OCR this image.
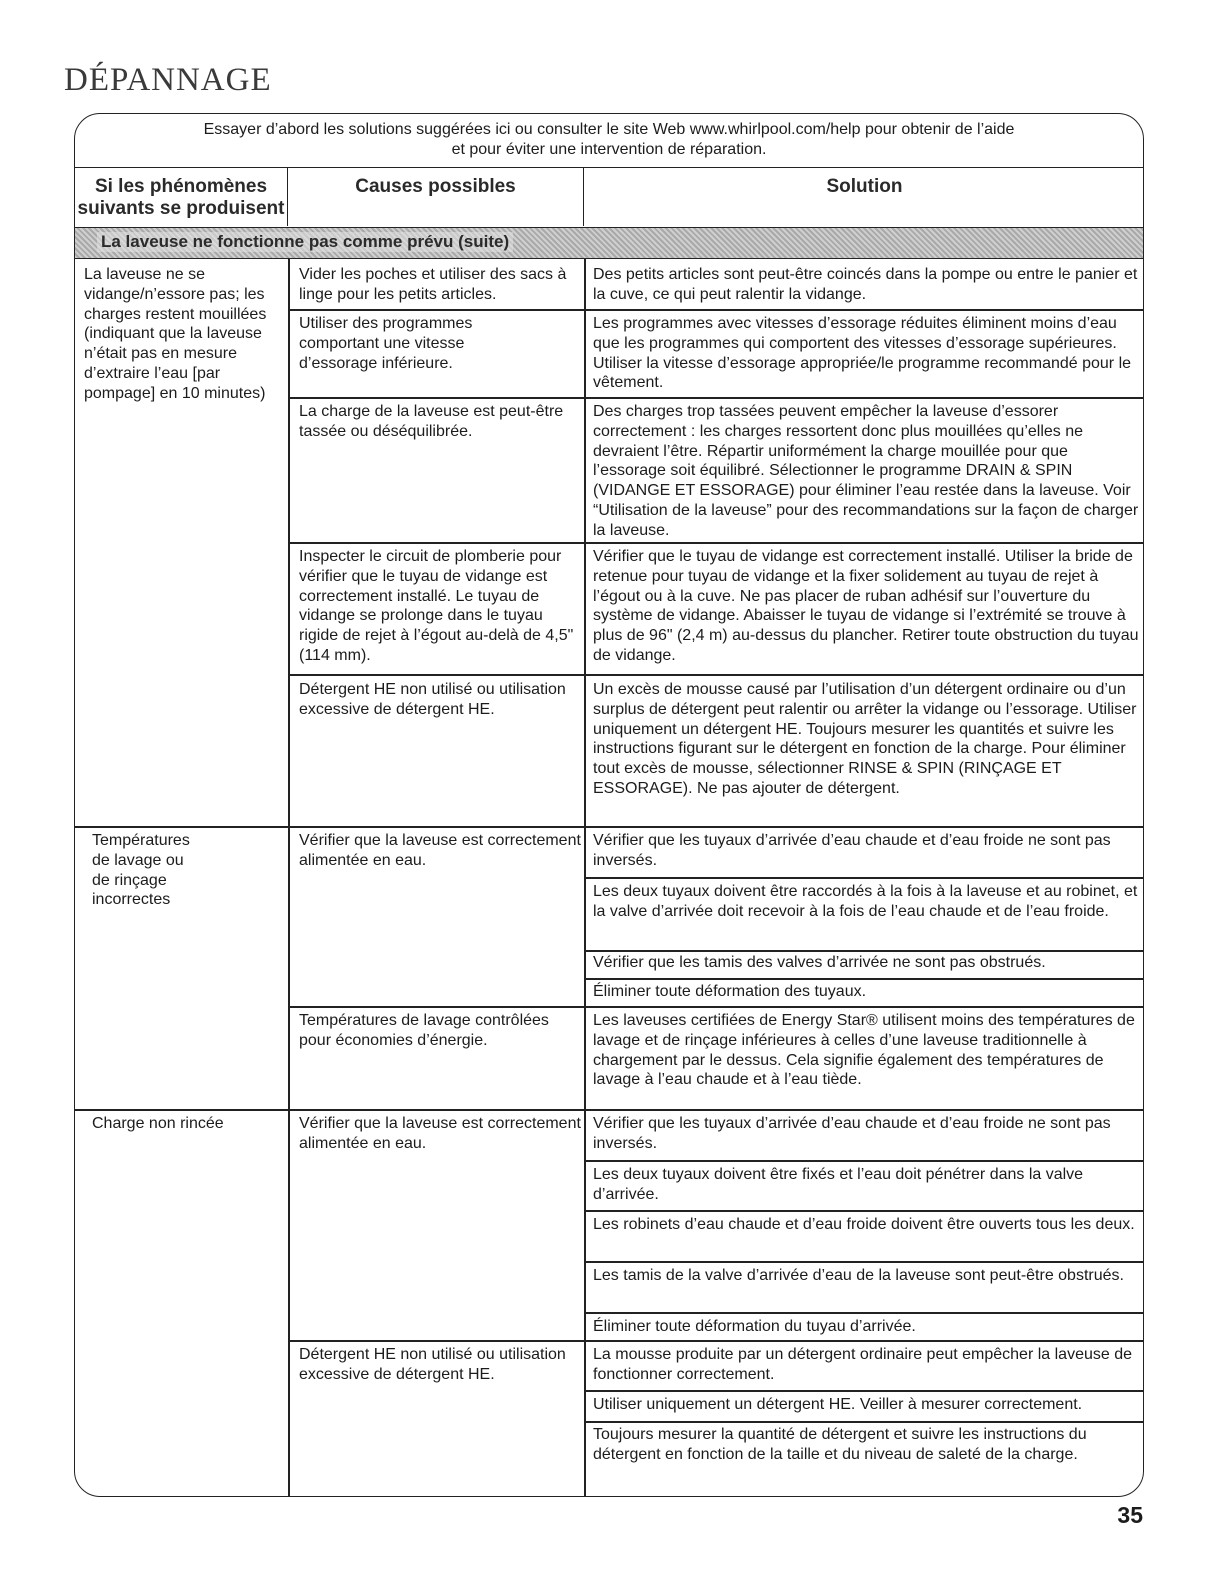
DÉPANNAGE
Essayer d’abord les solutions suggérées ici ou consulter le site Web www.whirlpool.com/help pour obtenir de l’aide
et pour éviter une intervention de réparation.
Si les phénomènes
suivants se produisent
Causes possibles	Solution
La laveuse ne fonctionne pas comme prévu (suite)

La laveuse ne se vidange/n’essore pas; les charges restent mouillées (indiquant que la laveuse n’était pas en mesure d’extraire l’eau [par pompage] en 10 minutes)

Températures de lavage ou de rinçage incorrectes

Charge non rincée

Vider les poches et utiliser des sacs à linge pour les petits articles.

Utiliser des programmes comportant une vitesse d’essorage inférieure.

La charge de la laveuse est peut-être tassée ou déséquilibrée.

Inspecter le circuit de plomberie pour vérifier que le tuyau de vidange est correctement installé. Le tuyau de vidange se prolonge dans le tuyau rigide de rejet à l’égout au-delà de 4,5" (114 mm).

Détergent HE non utilisé ou utilisation excessive de détergent HE.

Vérifier que la laveuse est correctement alimentée en eau.

Températures de lavage contrôlées pour économies d’énergie.

Vérifier que la laveuse est correctement alimentée en eau.

Détergent HE non utilisé ou utilisation excessive de détergent HE.

Des petits articles sont peut-être coincés dans la pompe ou entre le panier et la cuve, ce qui peut ralentir la vidange.

Les programmes avec vitesses d’essorage réduites éliminent moins d’eau que les programmes qui comportent des vitesses d’essorage supérieures. Utiliser la vitesse d’essorage appropriée/le programme recommandé pour le vêtement.

Des charges trop tassées peuvent empêcher la laveuse d’essorer correctement : les charges ressortent donc plus mouillées qu’elles ne devraient l’être. Répartir uniformément la charge mouillée pour que l’essorage soit équilibré. Sélectionner le programme DRAIN & SPIN (VIDANGE ET ESSORAGE) pour éliminer l’eau restée dans la laveuse. Voir “Utilisation de la laveuse” pour des recommandations sur la façon de charger la laveuse.

Vérifier que le tuyau de vidange est correctement installé. Utiliser la bride de retenue pour tuyau de vidange et la fixer solidement au tuyau de rejet à l’égout ou à la cuve. Ne pas placer de ruban adhésif sur l’ouverture du système de vidange. Abaisser le tuyau de vidange si l’extrémité se trouve à plus de 96" (2,4 m) au-dessus du plancher. Retirer toute obstruction du tuyau de vidange.

Un excès de mousse causé par l’utilisation d’un détergent ordinaire ou d’un surplus de détergent peut ralentir ou arrêter la vidange ou l’essorage. Utiliser uniquement un détergent HE. Toujours mesurer les quantités et suivre les instructions figurant sur le détergent en fonction de la charge. Pour éliminer tout excès de mousse, sélectionner RINSE & SPIN (RINÇAGE ET ESSORAGE). Ne pas ajouter de détergent.

Vérifier que les tuyaux d’arrivée d’eau chaude et d’eau froide ne sont pas inversés.

Les deux tuyaux doivent être raccordés à la fois à la laveuse et au robinet, et la valve d’arrivée doit recevoir à la fois de l’eau chaude et de l’eau froide.

Vérifier que les tamis des valves d’arrivée ne sont pas obstrués.

Éliminer toute déformation des tuyaux.

Les laveuses certifiées de Energy Star® utilisent moins des températures de lavage et de rinçage inférieures à celles d’une laveuse traditionnelle à chargement par le dessus. Cela signifie également des températures de lavage à l’eau chaude et à l’eau tiède.

Vérifier que les tuyaux d’arrivée d’eau chaude et d’eau froide ne sont pas inversés.

Les deux tuyaux doivent être fixés et l’eau doit pénétrer dans la valve d’arrivée.

Les robinets d’eau chaude et d’eau froide doivent être ouverts tous les deux.

Les tamis de la valve d’arrivée d’eau de la laveuse sont peut-être obstrués.

Éliminer toute déformation du tuyau d’arrivée.

La mousse produite par un détergent ordinaire peut empêcher la laveuse de fonctionner correctement.

Utiliser uniquement un détergent HE. Veiller à mesurer correctement.

Toujours mesurer la quantité de détergent et suivre les instructions du détergent en fonction de la taille et du niveau de saleté de la charge.

35
